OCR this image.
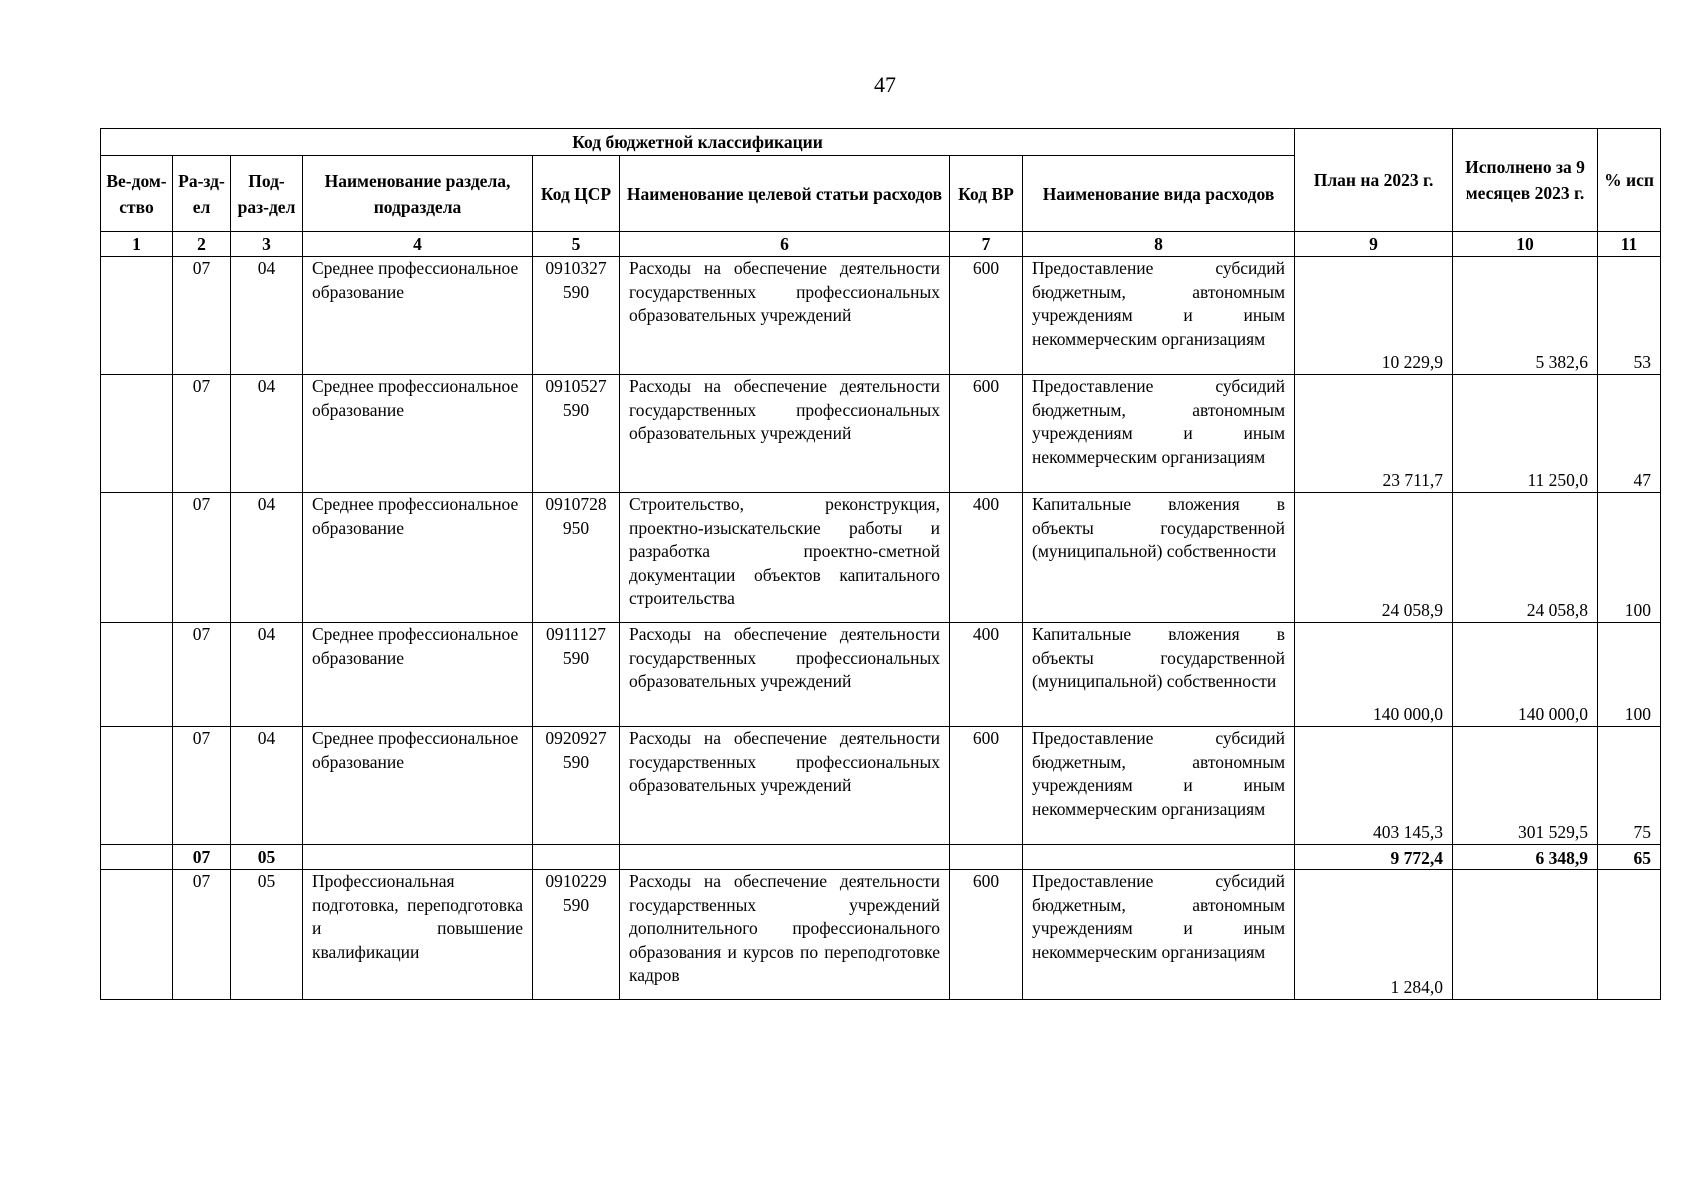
47
Код бюджетной классификации								План на 2023 г.	Исполнено за 9 месяцев 2023 г.	% исп
Ве-дом-ство	Ра-зд-ел	Под-раз-дел	Наименование раздела, подраздела	Код ЦСР	Наименование целевой статьи расходов	Код ВР	Наименование вида расходов			
1	2	3	4	5	6	7	8	9	10	11
	07	04	Среднее профессиональное образование	0910327590	Расходы на обеспечение деятельности государственных профессиональных образовательных учреждений	600	Предоставление субсидий бюджетным, автономным учреждениям и иным некоммерческим организациям	10 229,9	5 382,6	53
	07	04	Среднее профессиональное образование	0910527590	Расходы на обеспечение деятельности государственных профессиональных образовательных учреждений	600	Предоставление субсидий бюджетным, автономным учреждениям и иным некоммерческим организациям	23 711,7	11 250,0	47
	07	04	Среднее профессиональное образование	0910728950	Строительство, реконструкция, проектно-изыскательские работы и разработка проектно-сметной документации объектов капитального строительства	400	Капитальные вложения в объекты государственной (муниципальной) собственности	24 058,9	24 058,8	100
	07	04	Среднее профессиональное образование	0911127590	Расходы на обеспечение деятельности государственных профессиональных образовательных учреждений	400	Капитальные вложения в объекты государственной (муниципальной) собственности	140 000,0	140 000,0	100
	07	04	Среднее профессиональное образование	0920927590	Расходы на обеспечение деятельности государственных профессиональных образовательных учреждений	600	Предоставление субсидий бюджетным, автономным учреждениям и иным некоммерческим организациям	403 145,3	301 529,5	75
	07	05						9 772,4	6 348,9	65
	07	05	Профессиональная подготовка, переподготовка и повышение квалификации	0910229590	Расходы на обеспечение деятельности государственных учреждений дополнительного профессионального образования и курсов по переподготовке кадров	600	Предоставление субсидий бюджетным, автономным учреждениям и иным некоммерческим организациям	1 284,0		
